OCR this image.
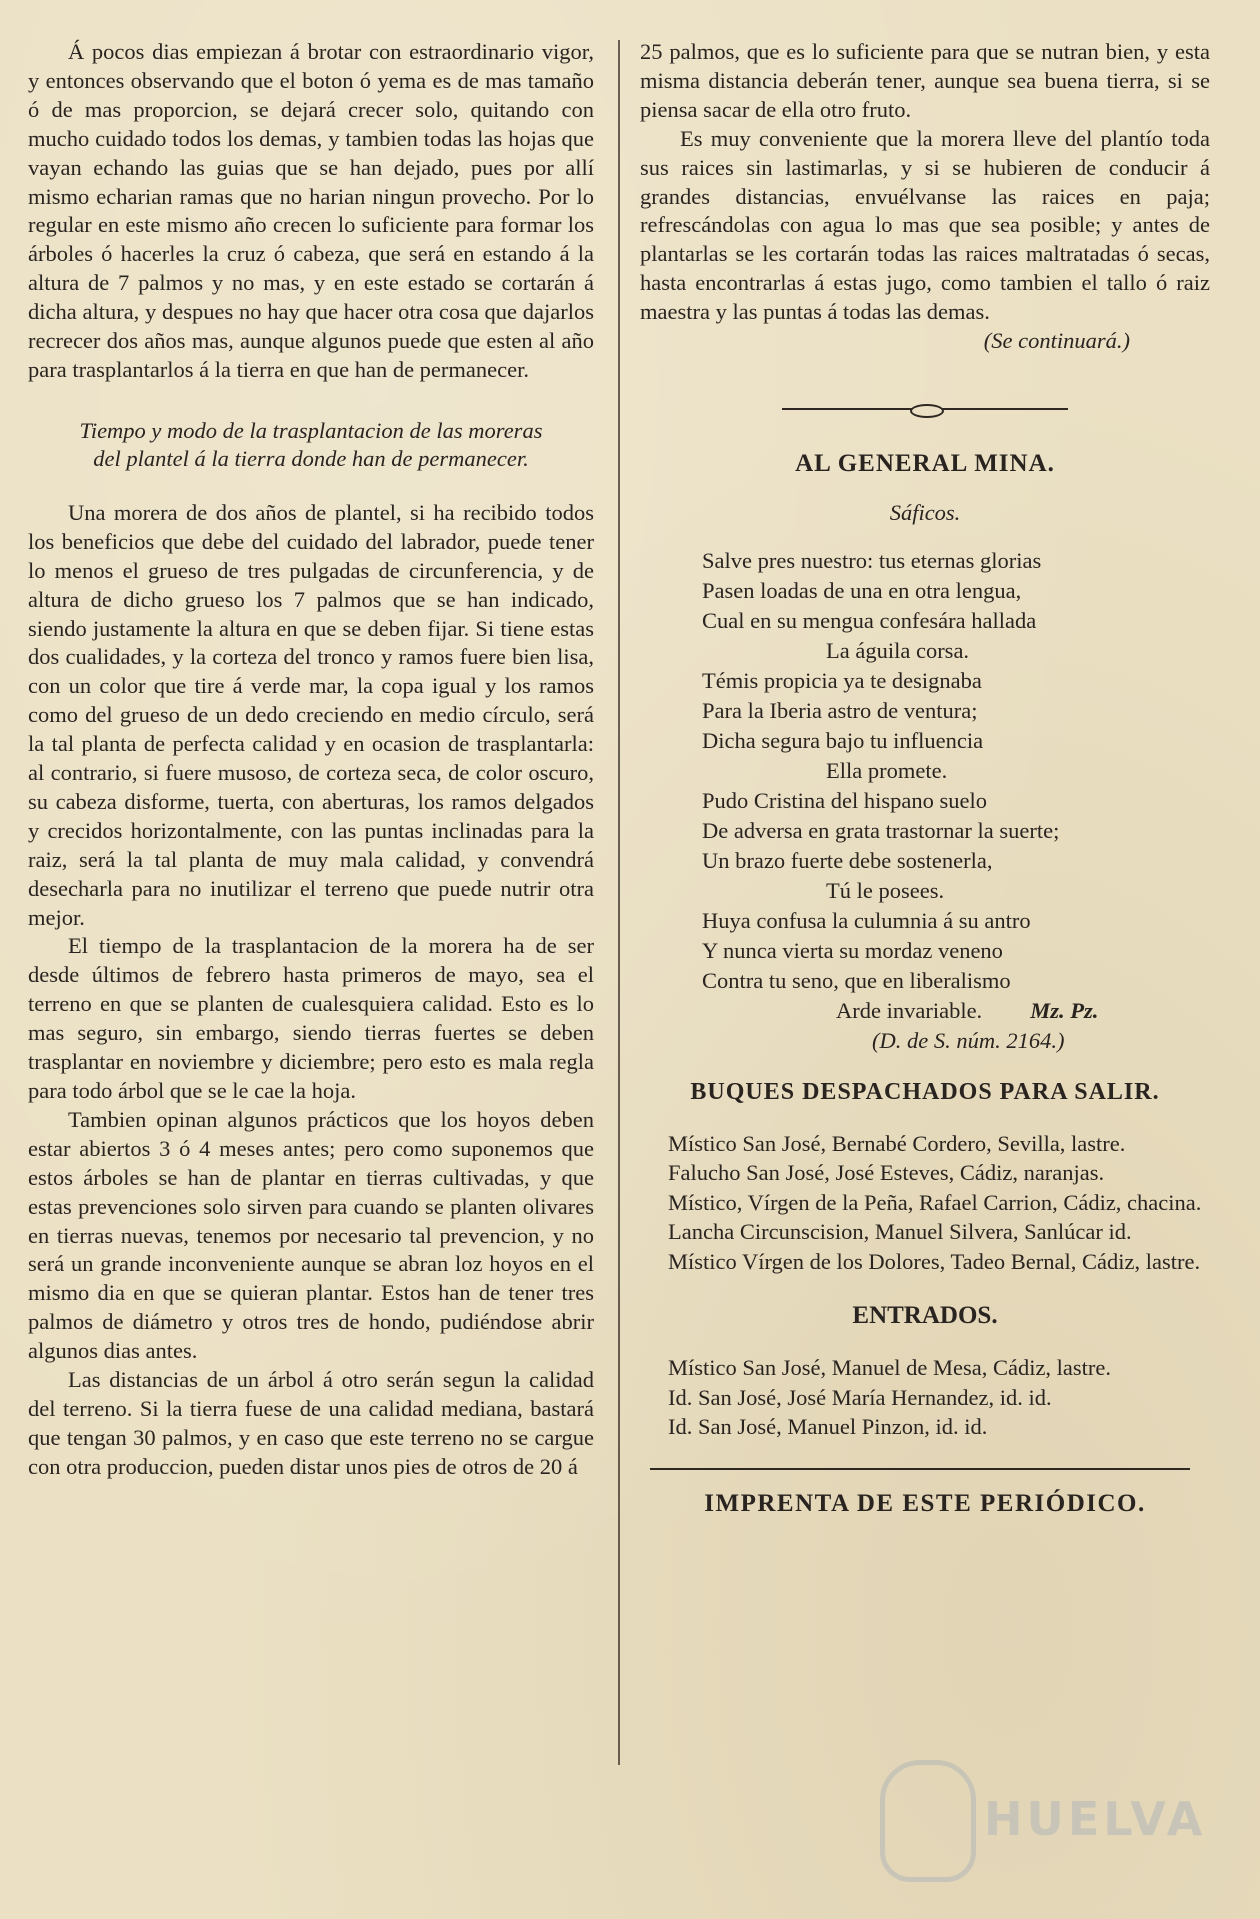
Á pocos dias empiezan á brotar con estraordinario vigor, y entonces observando que el boton ó yema es de mas tamaño ó de mas proporcion, se dejará crecer solo, quitando con mucho cuidado todos los demas, y tambien todas las hojas que vayan echando las guias que se han dejado, pues por allí mismo echarian ramas que no harian ningun provecho. Por lo regular en este mismo año crecen lo suficiente para formar los árboles ó hacerles la cruz ó cabeza, que será en estando á la altura de 7 palmos y no mas, y en este estado se cortarán á dicha altura, y despues no hay que hacer otra cosa que dajarlos recrecer dos años mas, aunque algunos puede que esten al año para trasplantarlos á la tierra en que han de permanecer.

Tiempo y modo de la trasplantacion de las moreras
del plantel á la tierra donde han de permanecer.

Una morera de dos años de plantel, si ha recibido todos los beneficios que debe del cuidado del labrador, puede tener lo menos el grueso de tres pulgadas de circunferencia, y de altura de dicho grueso los 7 palmos que se han indicado, siendo justamente la altura en que se deben fijar. Si tiene estas dos cualidades, y la corteza del tronco y ramos fuere bien lisa, con un color que tire á verde mar, la copa igual y los ramos como del grueso de un dedo creciendo en medio círculo, será la tal planta de perfecta calidad y en ocasion de trasplantarla: al contrario, si fuere musoso, de corteza seca, de color oscuro, su cabeza disforme, tuerta, con aberturas, los ramos delgados y crecidos horizontalmente, con las puntas inclinadas para la raiz, será la tal planta de muy mala calidad, y convendrá desecharla para no inutilizar el terreno que puede nutrir otra mejor.

El tiempo de la trasplantacion de la morera ha de ser desde últimos de febrero hasta primeros de mayo, sea el terreno en que se planten de cualesquiera calidad. Esto es lo mas seguro, sin embargo, siendo tierras fuertes se deben trasplantar en noviembre y diciembre; pero esto es mala regla para todo árbol que se le cae la hoja.

Tambien opinan algunos prácticos que los hoyos deben estar abiertos 3 ó 4 meses antes; pero como suponemos que estos árboles se han de plantar en tierras cultivadas, y que estas prevenciones solo sirven para cuando se planten olivares en tierras nuevas, tenemos por necesario tal prevencion, y no será un grande inconveniente aunque se abran loz hoyos en el mismo dia en que se quieran plantar. Estos han de tener tres palmos de diámetro y otros tres de hondo, pudiéndose abrir algunos dias antes.

Las distancias de un árbol á otro serán segun la calidad del terreno. Si la tierra fuese de una calidad mediana, bastará que tengan 30 palmos, y en caso que este terreno no se cargue con otra produccion, pueden distar unos pies de otros de 20 á

25 palmos, que es lo suficiente para que se nutran bien, y esta misma distancia deberán tener, aunque sea buena tierra, si se piensa sacar de ella otro fruto.

Es muy conveniente que la morera lleve del plantío toda sus raices sin lastimarlas, y si se hubieren de conducir á grandes distancias, envuélvanse las raices en paja; refrescándolas con agua lo mas que sea posible; y antes de plantarlas se les cortarán todas las raices maltratadas ó secas, hasta encontrarlas á estas jugo, como tambien el tallo ó raiz maestra y las puntas á todas las demas.

(Se continuará.)

AL GENERAL MINA.
Sáficos.
Salve pres nuestro: tus eternas glorias
Pasen loadas de una en otra lengua,
Cual en su mengua confesára hallada
La águila corsa.
Témis propicia ya te designaba
Para la Iberia astro de ventura;
Dicha segura bajo tu influencia
Ella promete.
Pudo Cristina del hispano suelo
De adversa en grata trastornar la suerte;
Un brazo fuerte debe sostenerla,
Tú le posees.
Huya confusa la culumnia á su antro
Y nunca vierta su mordaz veneno
Contra tu seno, que en liberalismo
Arde invariable. Mz. Pz.
(D. de S. núm. 2164.)
BUQUES DESPACHADOS PARA SALIR.

Místico San José, Bernabé Cordero, Sevilla, lastre.

Falucho San José, José Esteves, Cádiz, naranjas.

Místico, Vírgen de la Peña, Rafael Carrion, Cádiz, chacina.

Lancha Circunscision, Manuel Silvera, Sanlúcar id.

Místico Vírgen de los Dolores, Tadeo Bernal, Cádiz, lastre.

ENTRADOS.

Místico San José, Manuel de Mesa, Cádiz, lastre.

Id. San José, José María Hernandez, id. id.

Id. San José, Manuel Pinzon, id. id.

IMPRENTA DE ESTE PERIÓDICO.
HUELVA
